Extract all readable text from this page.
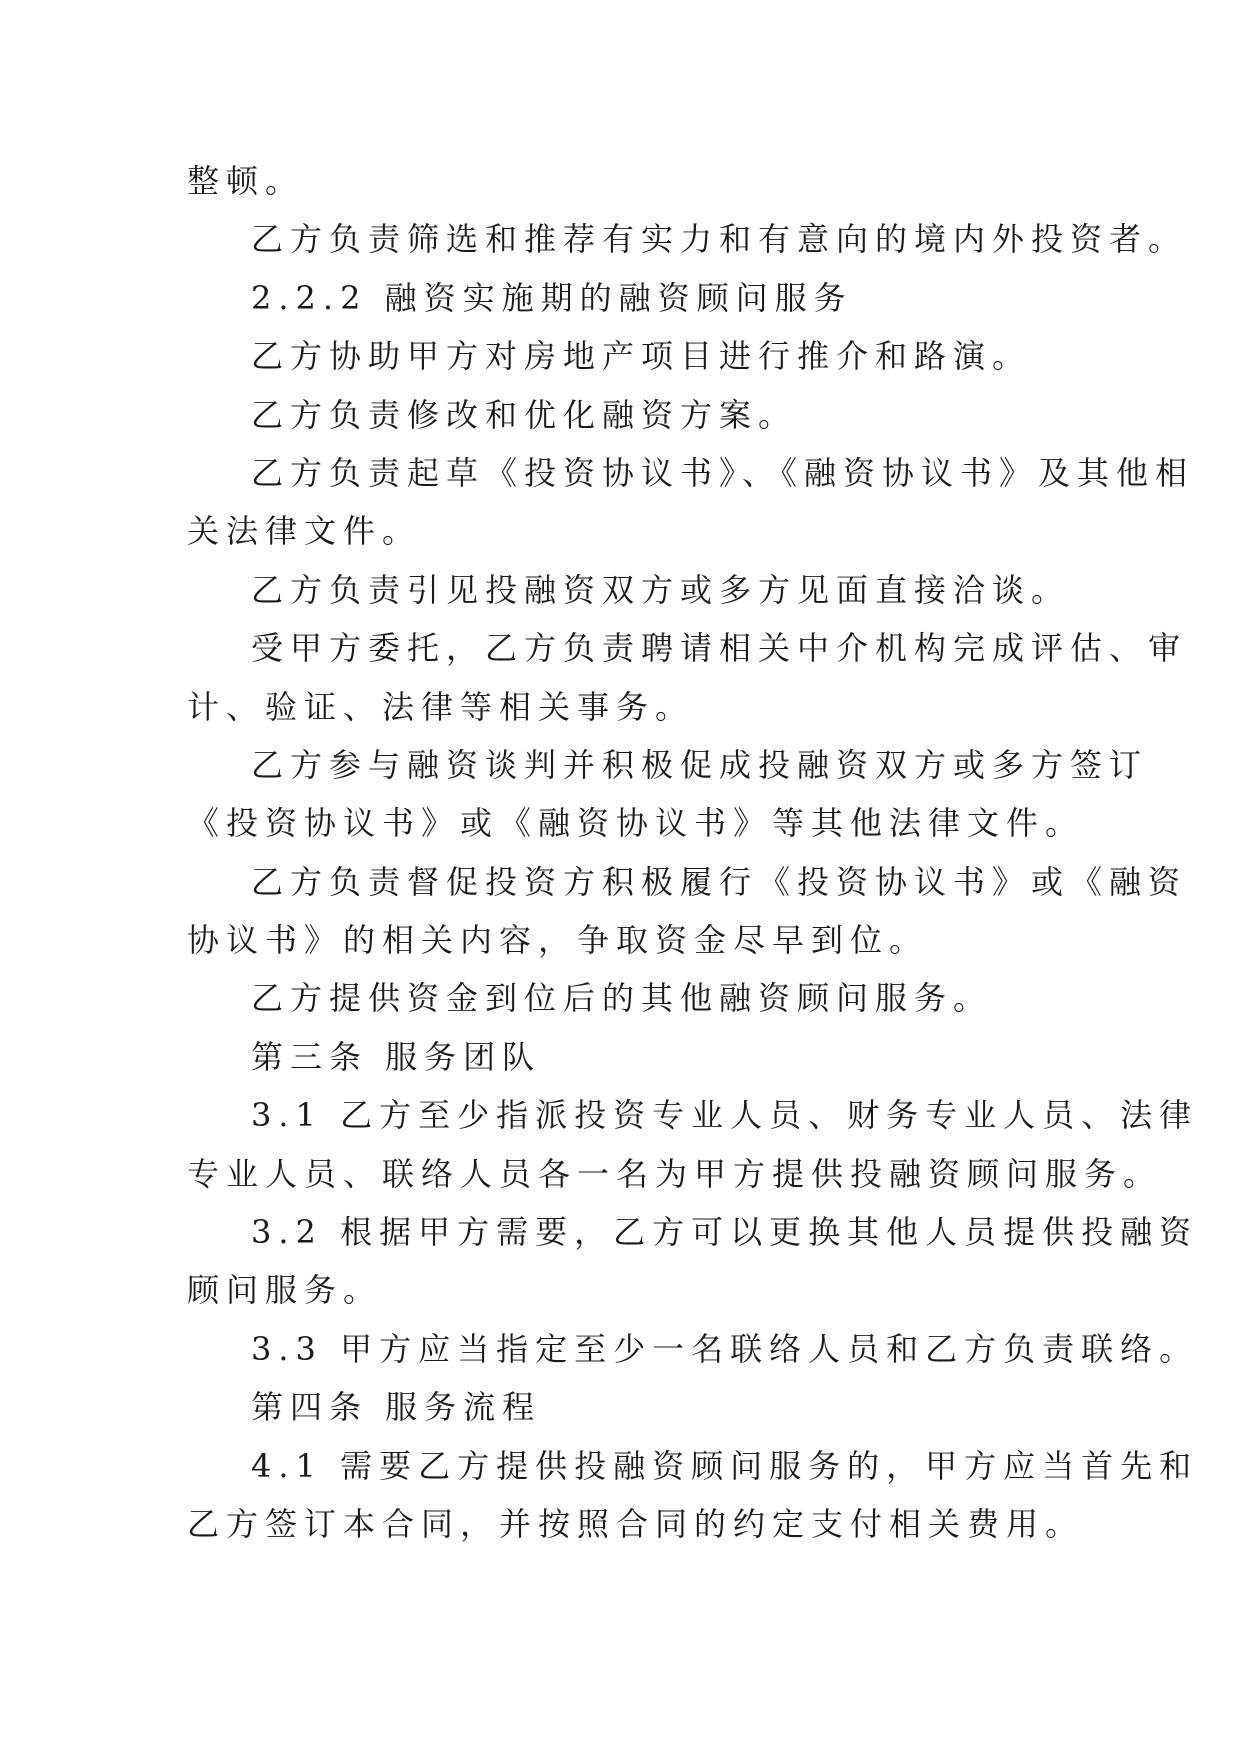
整顿。

乙方负责筛选和推荐有实力和有意向的境内外投资者。

2.2.2 融资实施期的融资顾问服务

乙方协助甲方对房地产项目进行推介和路演。

乙方负责修改和优化融资方案。

乙方负责起草《投资协议书》、《融资协议书》及其他相

关法律文件。

乙方负责引见投融资双方或多方见面直接洽谈。

受甲方委托，乙方负责聘请相关中介机构完成评估、审

计、验证、法律等相关事务。

乙方参与融资谈判并积极促成投融资双方或多方签订

《投资协议书》或《融资协议书》等其他法律文件。

乙方负责督促投资方积极履行《投资协议书》或《融资

协议书》的相关内容，争取资金尽早到位。

乙方提供资金到位后的其他融资顾问服务。

第三条 服务团队

3.1 乙方至少指派投资专业人员、财务专业人员、法律

专业人员、联络人员各一名为甲方提供投融资顾问服务。

3.2 根据甲方需要，乙方可以更换其他人员提供投融资

顾问服务。

3.3 甲方应当指定至少一名联络人员和乙方负责联络。

第四条 服务流程

4.1 需要乙方提供投融资顾问服务的，甲方应当首先和

乙方签订本合同，并按照合同的约定支付相关费用。
